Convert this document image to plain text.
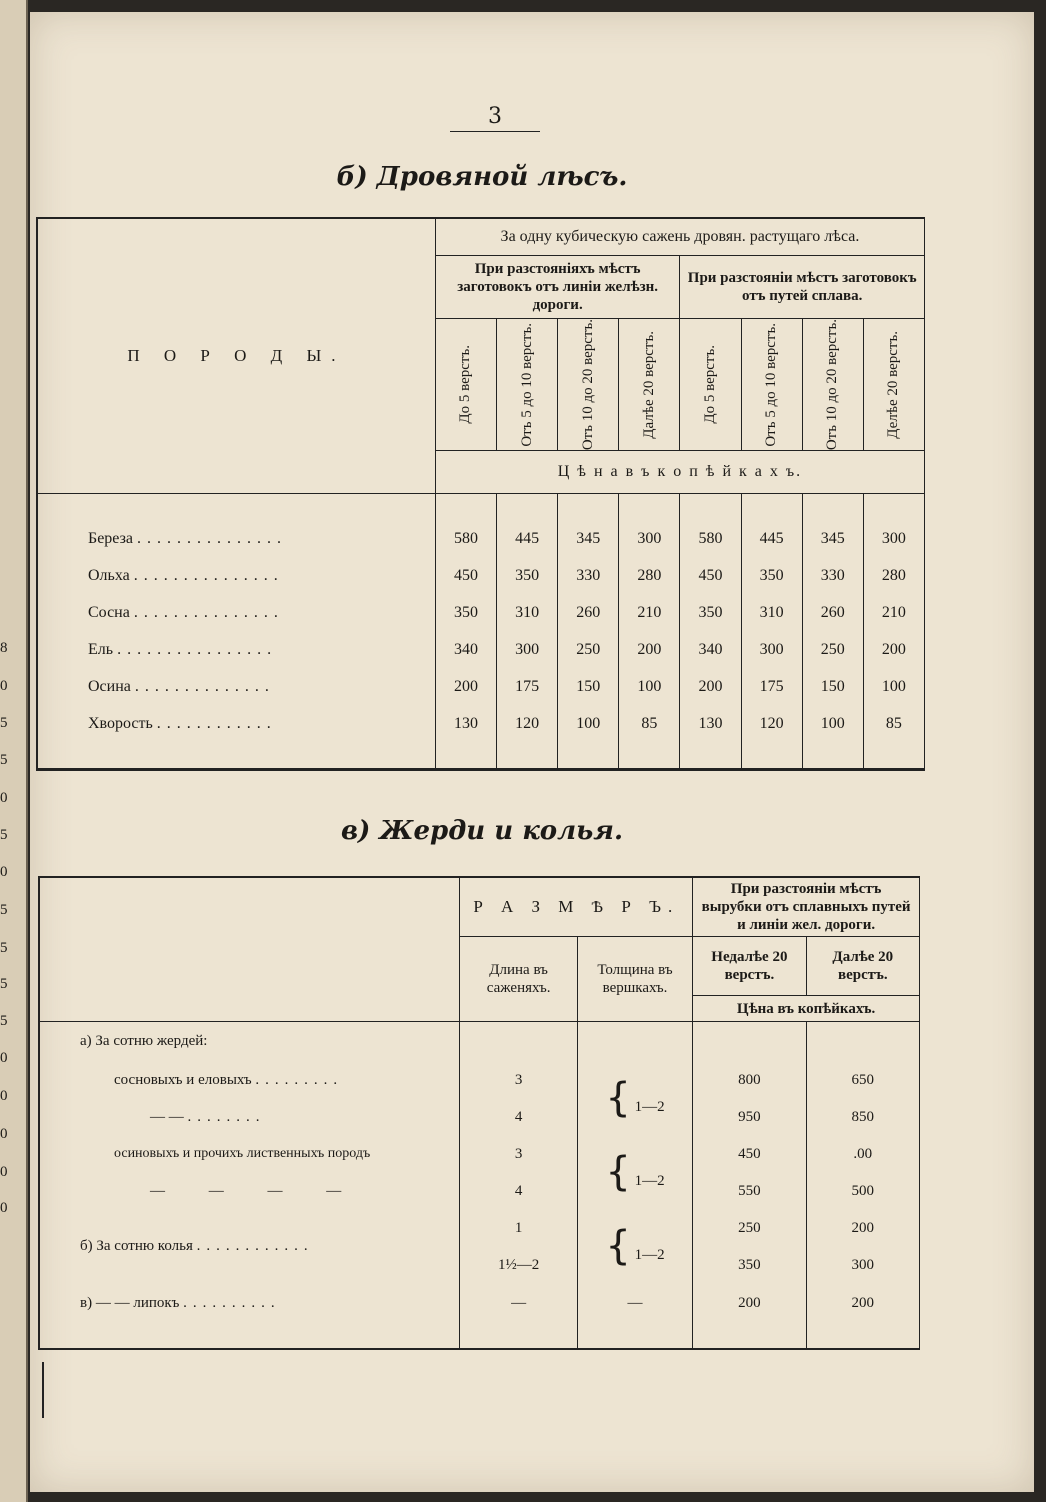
8
0
5
5
0
5
0
5
5
5
5
0
0
0
0
0
3
б) Дровяной лѣсъ.
П О Р О Д Ы.	За одну кубическую сажень дровян. растущаго лѣса.							
	При разстоянiяхъ мѣстъ заготовокъ отъ линiи желѣзн. дороги.				При разстоянiи мѣстъ заготовокъ отъ путей сплава.			

	До 5 верстъ.	Отъ 5 до 10 верстъ.	Отъ 10 до 20 верстъ.	Далѣе 20 верстъ.	До 5 верстъ.	Отъ 5 до 10 верстъ.	Отъ 10 до 20 верстъ.	Делѣе 20 верстъ.

	Ц ѣ н а в ъ к о п ѣ й к а х ъ.							

Береза ...............	580	445	345	300	580	445	345	300
Ольха ...............	450	350	330	280	450	350	330	280
Сосна ...............	350	310	260	210	350	310	260	210
Ель ................	340	300	250	200	340	300	250	200
Осина ..............	200	175	150	100	200	175	150	100
Хворость ............	130	120	100	85	130	120	100	85

в) Жерди и колья.
	Р А З М Ѣ Р Ъ.		При разстоянiи мѣстъ вырубки отъ сплавныхъ путей и линiи жел. дороги.	
	Длина въ саженяхъ.	Толщина въ вершкахъ.	Недалѣе 20 верстъ.	Далѣе 20 верстъ.
			Цѣна въ копѣйкахъ.	
а) За сотню жердей:				
сосновыхъ и еловыхъ .........	3	{ 1—2	800	650
— — ........	4		950	850
осиновыхъ и прочихъ лиственныхъ породъ	3	{ 1—2	450	.00
— — — —	4		550	500
б) За сотню колья ............	1	{ 1—2	250	200
	1½—2		350	300
в) — — липокъ ..........	—	—	200	200
